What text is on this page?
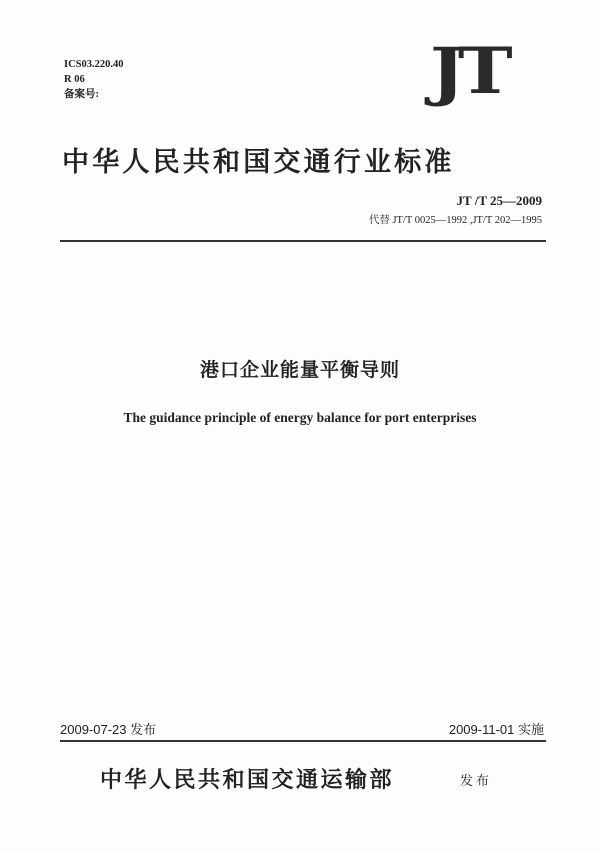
ICS03.220.40
R 06
备案号:	JT
中华人民共和国交通行业标准
JT /T 25—2009
代替 JT/T 0025—1992 ,JT/T 202—1995
港口企业能量平衡导则
The guidance principle of energy balance for port enterprises
2009-07-23 发布	2009-11-01 实施
中华人民共和国交通运输部	发布
